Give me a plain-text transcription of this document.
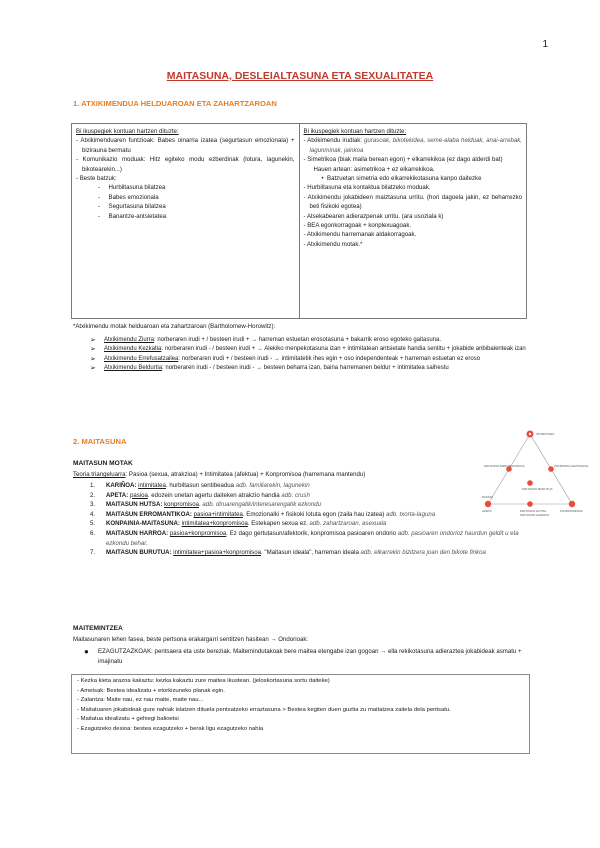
1
MAITASUNA, DESLEIALTASUNA ETA SEXUALITATEA
1. ATXIKIMENDUA HELDUAROAN ETA ZAHARTZAROAN
Bi ikuspegiek kontuan hartzen dituzte:
- Atxikimenduaren funtzioak: Babes oinarria izatea (segurtasun emozionala) + bizirauna bermatu
- Komunikazio moduak: Hitz egiteko modu ezberdinak (lotura, lagunekin, bikotearekin...)
- Beste batzuk:
-     Hurbiltasuna bilatzea
-     Babes emozionala
-     Segurtasuna bilatzea
-     Banantze-antsietatea
Bi ikuspegiek kontuan hartzen dituzte:
- Atxikimendu irudiak: gurasoak, bikotekidea, seme-alaba helduak, anai-arrebak, lagunminak, jainkoa
- Simetrikoa (biak maila berean egon) + elkarrekikoa (ez dago alderdi bat)
Hauen artean: asimetrikoa + ez elkarrekikoa.
•  Batzuetan simetria edo elkarrekikotasuna kanpo daitezke
- Hurbiltasuna eta kontaktua bilatzeko moduak.
- Atxikimendu jokabideen maiztasuna urritu. (hori dagoela jakin, ez beharrezko beti fisikoki egotea)
- Atsekabearen adierazpenak urritu. (ara usoziala k)
- BEA egonkorragoak + konplexuagoak.
- Atxikimendu harremanak aldakorragoak.
- Atxikimendu motak.*
*Atxikimendu motak helduaroan eta zahartzaroan (Bartholomew-Horowitz):
➢	Atxikimendu Ziurra: norberaren irudi + / besteen irudi + → harreman estuetan erosotasuna + bakarrik eroso egoteko gaitasuna.
➢	Atxikimendu Kezkatia: norberaren irudi - / besteen irudi + → Alekiko menpekotasuna izan + intimitatean antsietate handia sentitu + jokabide anbibalenteak izan
➢	Atxikimendu Errefusatzailea: norberaren irudi + / besteen irudi - → intimitatetik ihes egin + oso independenteak + harreman estuetan ez eroso
➢	Atxikimendu Beldurtia: norberaren irudi - / besteen irudi - → besteen beharra izan, baina harremanen beldur + intimitatea saihestu
2. MAITASUNA
MAITASUN MOTAK
Teoria triangeluarra: Pasioa (sexua, atrakzioa) + Intimitatea (afektua) + Konpromisoa (harremana mantendu)
1.	KARIÑOA: intimitatea. hurbiltasun sentibeadua adb. familiarekin, lagunekin
2.	APETA: pasioa. edozein unetan agertu daiteken atrakzio handia adb. crush
3.	MAITASUN HUTSA: konpromisoa. adb. diruarengatik/interesarengatik ezkondu
4.	MAITASUN ERROMANTIKOA: pasioa+intimitatea. Emozionalki + fisikoki lotuta egon (zaila hau izatea) adb. txorta-laguna
5.	KONPAINIA-MAITASUNA: intimitatea+konpromisoa. Estekapen sexua ez. adb. zahartzaroan, asexuala
6.	MAITASUN HARROA: pasioa+konpromisoa. Ez dago gertutasun/afektorik, konpromisoa pasioaren ondorio adb. pasioaren ondorioz haurdun geldit u eta ezkondu behar.
7.	MAITASUN BURUTUA: intimitatea+pasioa+konpromisoa. "Maitasun ideala", harreman ideala adb. elkarrekin bizitzera joan den bikote finkoa
INTIMITATEA
MAITASUN ERROMANTIKOA	KONPAINIA-MAITASUNA
APETA
MAITASUN BURUTUA
MAITASUN HUTSA
PASIOA
MAITASUN HARROA
KONPROMISOA
MAITEMINTZEA
Maitasunaren lehen fasea, beste pertsona erakargarri sentitzen hasitean → Ondorioak:
●	EZAGUTZAZKOAK: pentsaera eta uste bereziak. Maitemindutakoak bere maitea etengabe izan gogoan → ella rekikotasuna adieraztea jokabideak asmatu + imajinatu
- Kezka kieta arazoa kakaztu: kezka kakaztu zure maitea ikustean. (jeloskortasuna sortu daiteke)
- Ametsak: Bestea idealizatu + etorkizuneko planak egin.
- Zalantza: Maite nau, ez nau maite, maite nau...
- Maitatuaren jokabideak gure nahiak islatzen dituela pentsatzeko erraztasuna > Bestea kegiten duen guztia zu maitatzea zaitela dela pentsatu.
- Maitatua idealizatu + gehiegi balioetsi
- Ezagutzeko desioa: bestea ezagutzeko + berak ligu ezagutzeko nahia
